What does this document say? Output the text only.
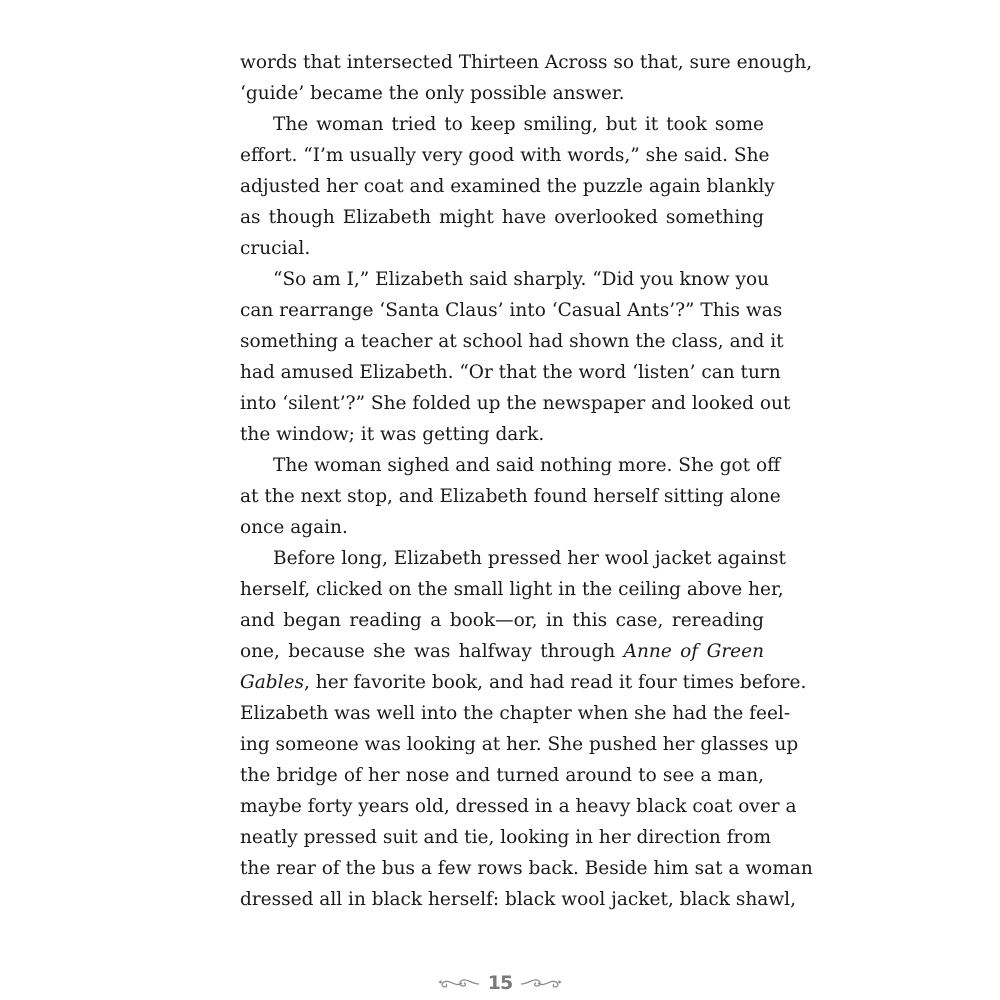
words that intersected Thirteen Across so that, sure enough,
‘guide’ became the only possible answer.
The woman tried to keep smiling, but it took some
effort. “I’m usually very good with words,” she said. She
adjusted her coat and examined the puzzle again blankly
as though Elizabeth might have overlooked something
crucial.
“So am I,” Elizabeth said sharply. “Did you know you
can rearrange ‘Santa Claus’ into ‘Casual Ants’?” This was
something a teacher at school had shown the class, and it
had amused Elizabeth. “Or that the word ‘listen’ can turn
into ‘silent’?” She folded up the newspaper and looked out
the window; it was getting dark.
The woman sighed and said nothing more. She got off
at the next stop, and Elizabeth found herself sitting alone
once again.
Before long, Elizabeth pressed her wool jacket against
herself, clicked on the small light in the ceiling above her,
and began reading a book—or, in this case, rereading
one, because she was halfway through Anne of Green
Gables, her favorite book, and had read it four times before.
Elizabeth was well into the chapter when she had the feel-
ing someone was looking at her. She pushed her glasses up
the bridge of her nose and turned around to see a man,
maybe forty years old, dressed in a heavy black coat over a
neatly pressed suit and tie, looking in her direction from
the rear of the bus a few rows back. Beside him sat a woman
dressed all in black herself: black wool jacket, black shawl,
15
